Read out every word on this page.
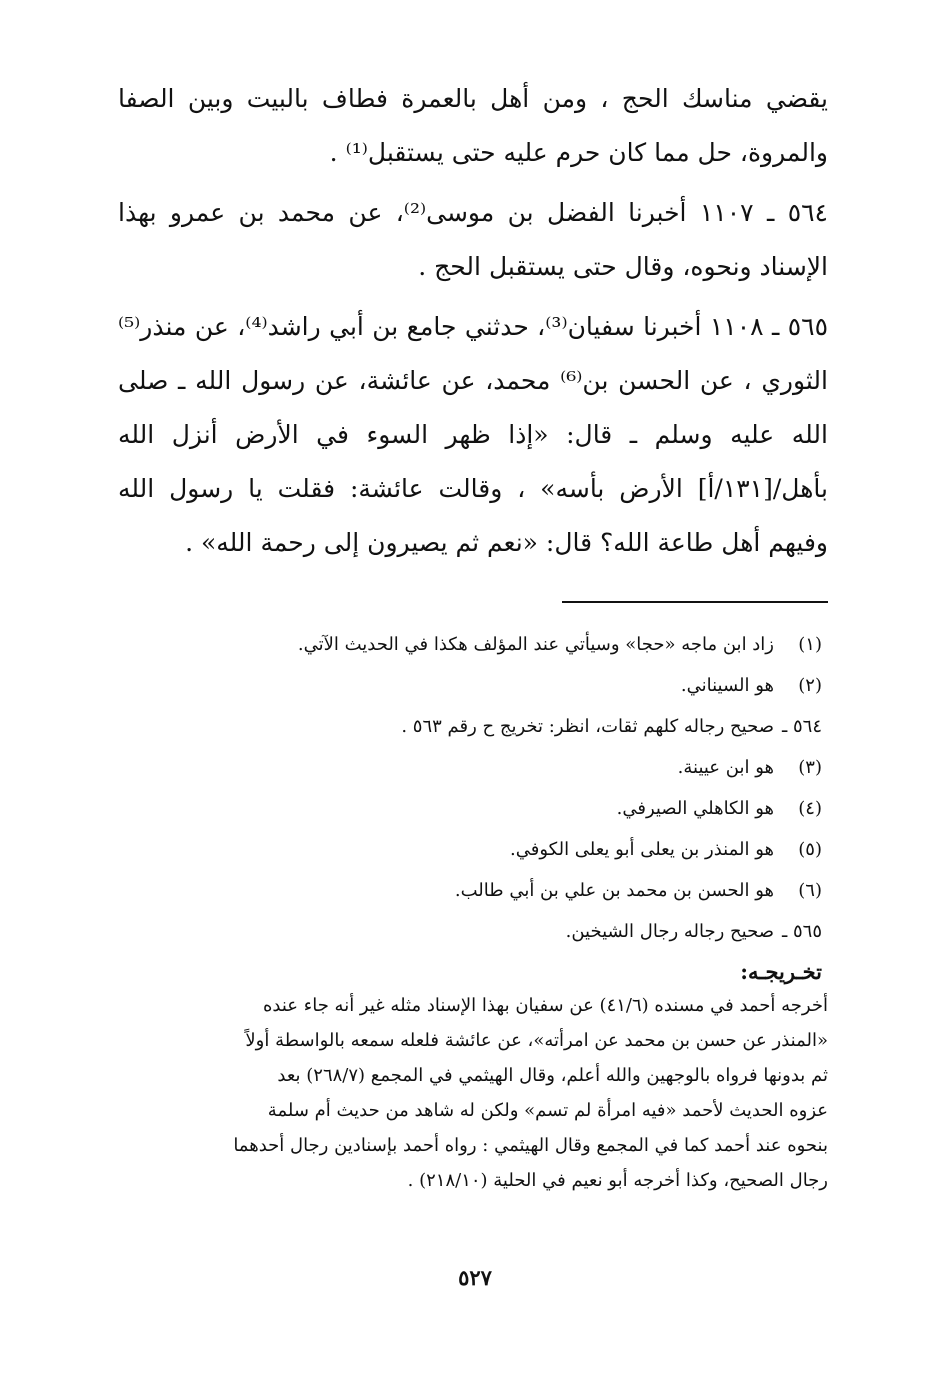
يقضي مناسك الحج ، ومن أهل بالعمرة فطاف بالبيت وبين الصفا والمروة، حل مما كان حرم عليه حتى يستقبل⁽¹⁾ .

٥٦٤ ـ ١١٠٧ أخبرنا الفضل بن موسى⁽²⁾، عن محمد بن عمرو بهذا الإسناد ونحوه، وقال حتى يستقبل الحج .

٥٦٥ ـ ١١٠٨ أخبرنا سفيان⁽³⁾، حدثني جامع بن أبي راشد⁽⁴⁾، عن منذر⁽⁵⁾ الثوري ، عن الحسن بن⁽⁶⁾ محمد، عن عائشة، عن رسول الله ـ صلى الله عليه وسلم ـ قال: «إذا ظهر السوء في الأرض أنزل الله بأهل/[١٣١/أ] الأرض بأسه» ، وقالت عائشة: فقلت يا رسول الله وفيهم أهل طاعة الله؟ قال: «نعم ثم يصيرون إلى رحمة الله» .

(١)زاد ابن ماجه «حجا» وسيأتي عند المؤلف هكذا في الحديث الآتي.
(٢)هو السيناني.
٥٦٤ ـصحيح رجاله كلهم ثقات، انظر: تخريج ح رقم ٥٦٣ .
(٣)هو ابن عيينة.
(٤)هو الكاهلي الصيرفي.
(٥)هو المنذر بن يعلى أبو يعلى الكوفي.
(٦)هو الحسن بن محمد بن علي بن أبي طالب.
٥٦٥ ـصحيح رجاله رجال الشيخين.
تخـريجـه:
أخرجه أحمد في مسنده (٤١/٦) عن سفيان بهذا الإسناد مثله غير أنه جاء عنده
«المنذر عن حسن بن محمد عن امرأته»، عن عائشة فلعله سمعه بالواسطة أولاً
ثم بدونها فرواه بالوجهين والله أعلم، وقال الهيثمي في المجمع (٢٦٨/٧) بعد
عزوه الحديث لأحمد «فيه امرأة لم تسم» ولكن له شاهد من حديث أم سلمة
بنحوه عند أحمد كما في المجمع وقال الهيثمي : رواه أحمد بإسنادين رجال أحدهما
رجال الصحيح، وكذا أخرجه أبو نعيم في الحلية (٢١٨/١٠) .
٥٢٧
